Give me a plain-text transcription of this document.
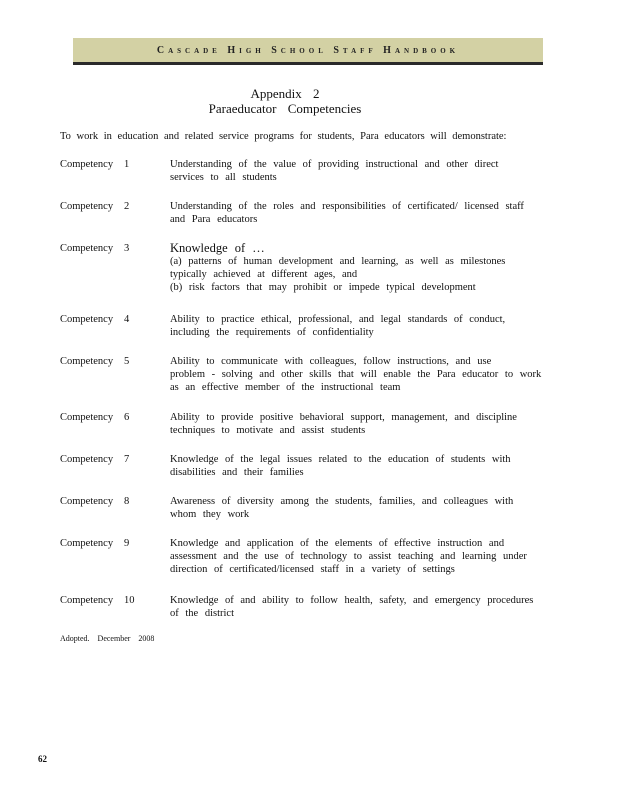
Cascade High School Staff Handbook
Appendix 2
Paraeducator Competencies
To work in education and related service programs for students, Para educators will demonstrate:
Competency	1	Understanding of the value of providing instructional and other direct
services to all students
Competency	2	Understanding of the roles and responsibilities of certificated/ licensed staff
and Para educators
Competency	3	Knowledge of …
(a) patterns of human development and learning, as well as milestones
typically achieved at different ages, and
(b) risk factors that may prohibit or impede typical development
Competency	4	Ability to practice ethical, professional, and legal standards of conduct,
including the requirements of confidentiality
Competency	5	Ability to communicate with colleagues, follow instructions, and use
problem - solving and other skills that will enable the Para educator to work
as an effective member of the instructional team
Competency	6	Ability to provide positive behavioral support, management, and discipline
techniques to motivate and assist students
Competency	7	Knowledge of the legal issues related to the education of students with
disabilities and their families
Competency	8	Awareness of diversity among the students, families, and colleagues with
whom they work
Competency	9	Knowledge and application of the elements of effective instruction and
assessment and the use of technology to assist teaching and learning under
direction of certificated/licensed staff in a variety of settings
Competency	10	Knowledge of and ability to follow health, safety, and emergency procedures
of the district
Adopted. December 2008
62
